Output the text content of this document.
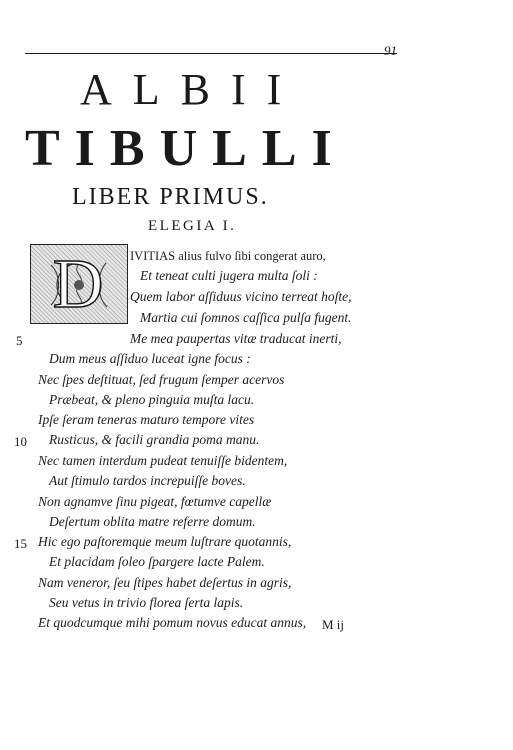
91
ALBII
TIBULLI
LIBER PRIMUS.
ELEGIA I.
D IVITIAS alius fulvo ſibi congerat auro,
Et teneat culti jugera multa ſoli :
Quem labor aſſiduus vicino terreat hoſte,
Martia cui ſomnos caſſica pulſa fugent.
Me mea paupertas vitæ traducat inerti,
Dum meus aſſiduo luceat igne focus :
Nec ſpes deſtituat, ſed frugum ſemper acervos
Præbeat, & pleno pinguia muſta lacu.
Ipſe ſeram teneras maturo tempore vites
Rusticus, & facili grandia poma manu.
Nec tamen interdum pudeat tenuiſſe bidentem,
Aut ſtimulo tardos increpuiſſe boves.
Non agnamve ſinu pigeat, fœtumve capellæ
Deſertum oblita matre referre domum.
Hic ego paſtoremque meum luſtrare quotannis,
Et placidam ſoleo ſpargere lacte Palem.
Nam veneror, ſeu ſtipes habet deſertus in agris,
Seu vetus in trivio florea ſerta lapis.
Et quodcumque mihi pomum novus educat annus,
5
10
15
M ij
